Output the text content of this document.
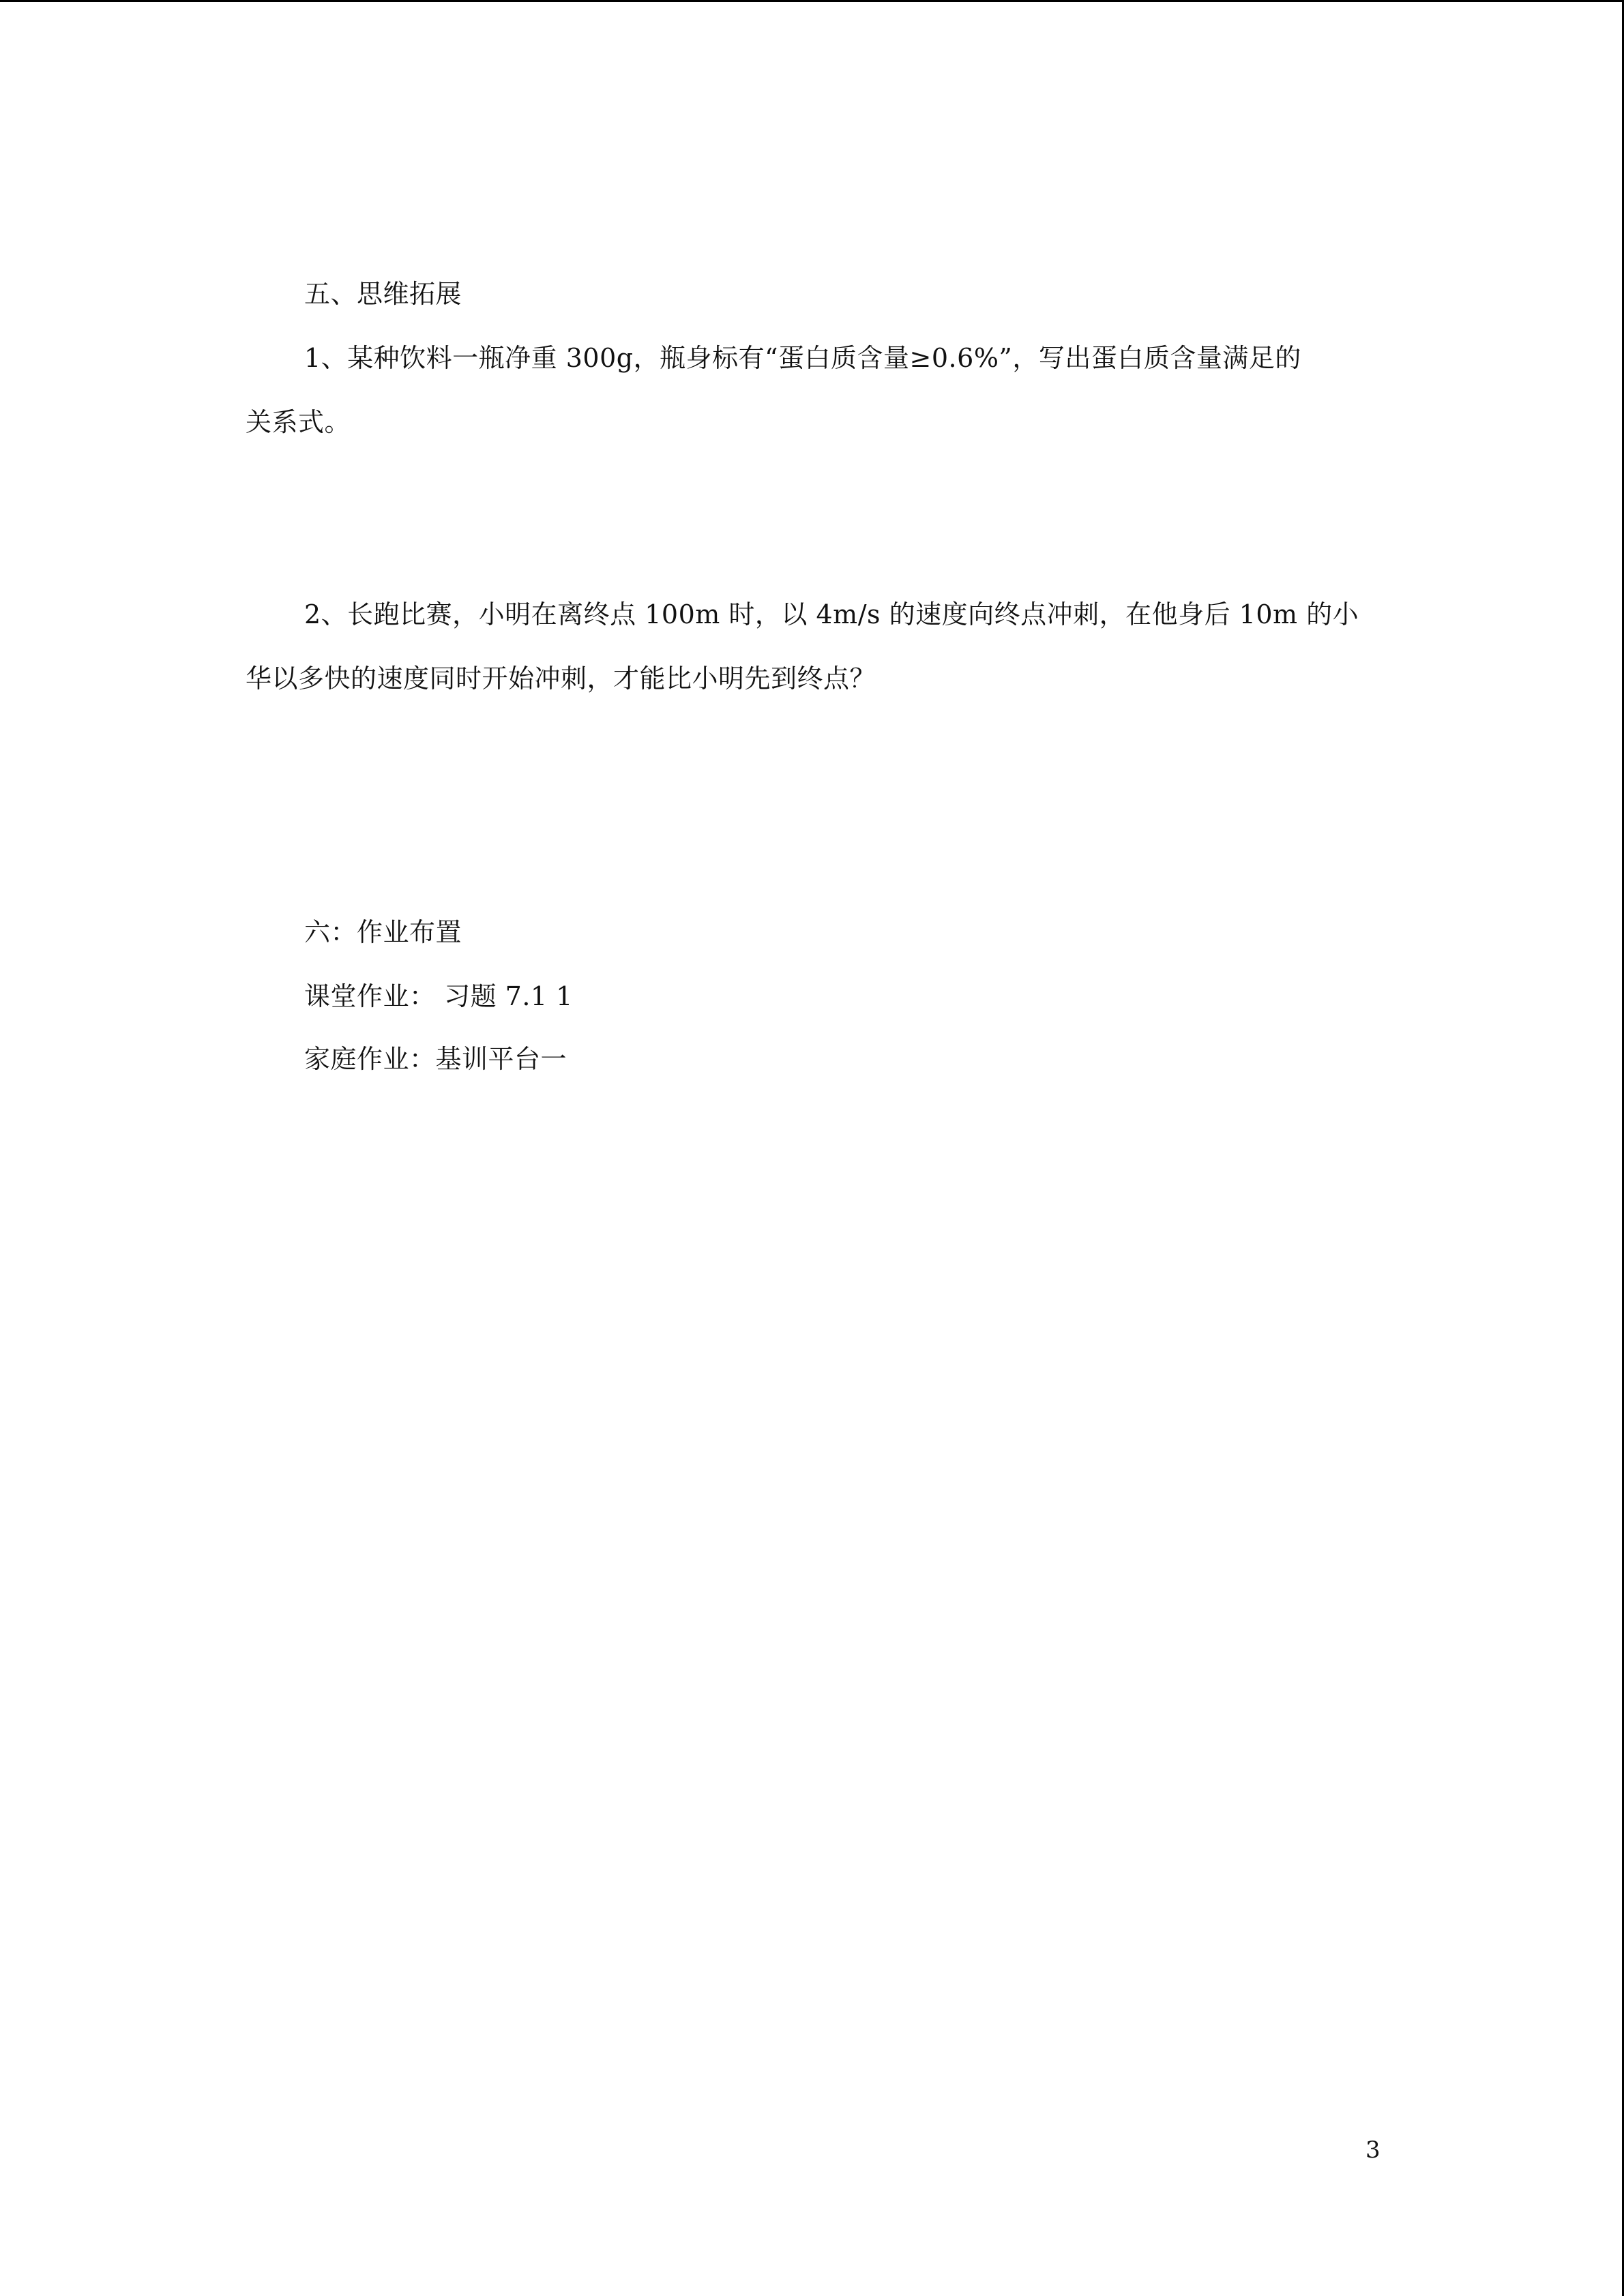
五、思维拓展
1、某种饮料一瓶净重 300g，瓶身标有“蛋白质含量≥0.6%”，写出蛋白质含量满足的
关系式。
2、长跑比赛，小明在离终点 100m 时，以 4m/s 的速度向终点冲刺，在他身后 10m 的小
华以多快的速度同时开始冲刺，才能比小明先到终点？
六：作业布置
课堂作业： 习题 7.1 1
家庭作业：基训平台一
3
